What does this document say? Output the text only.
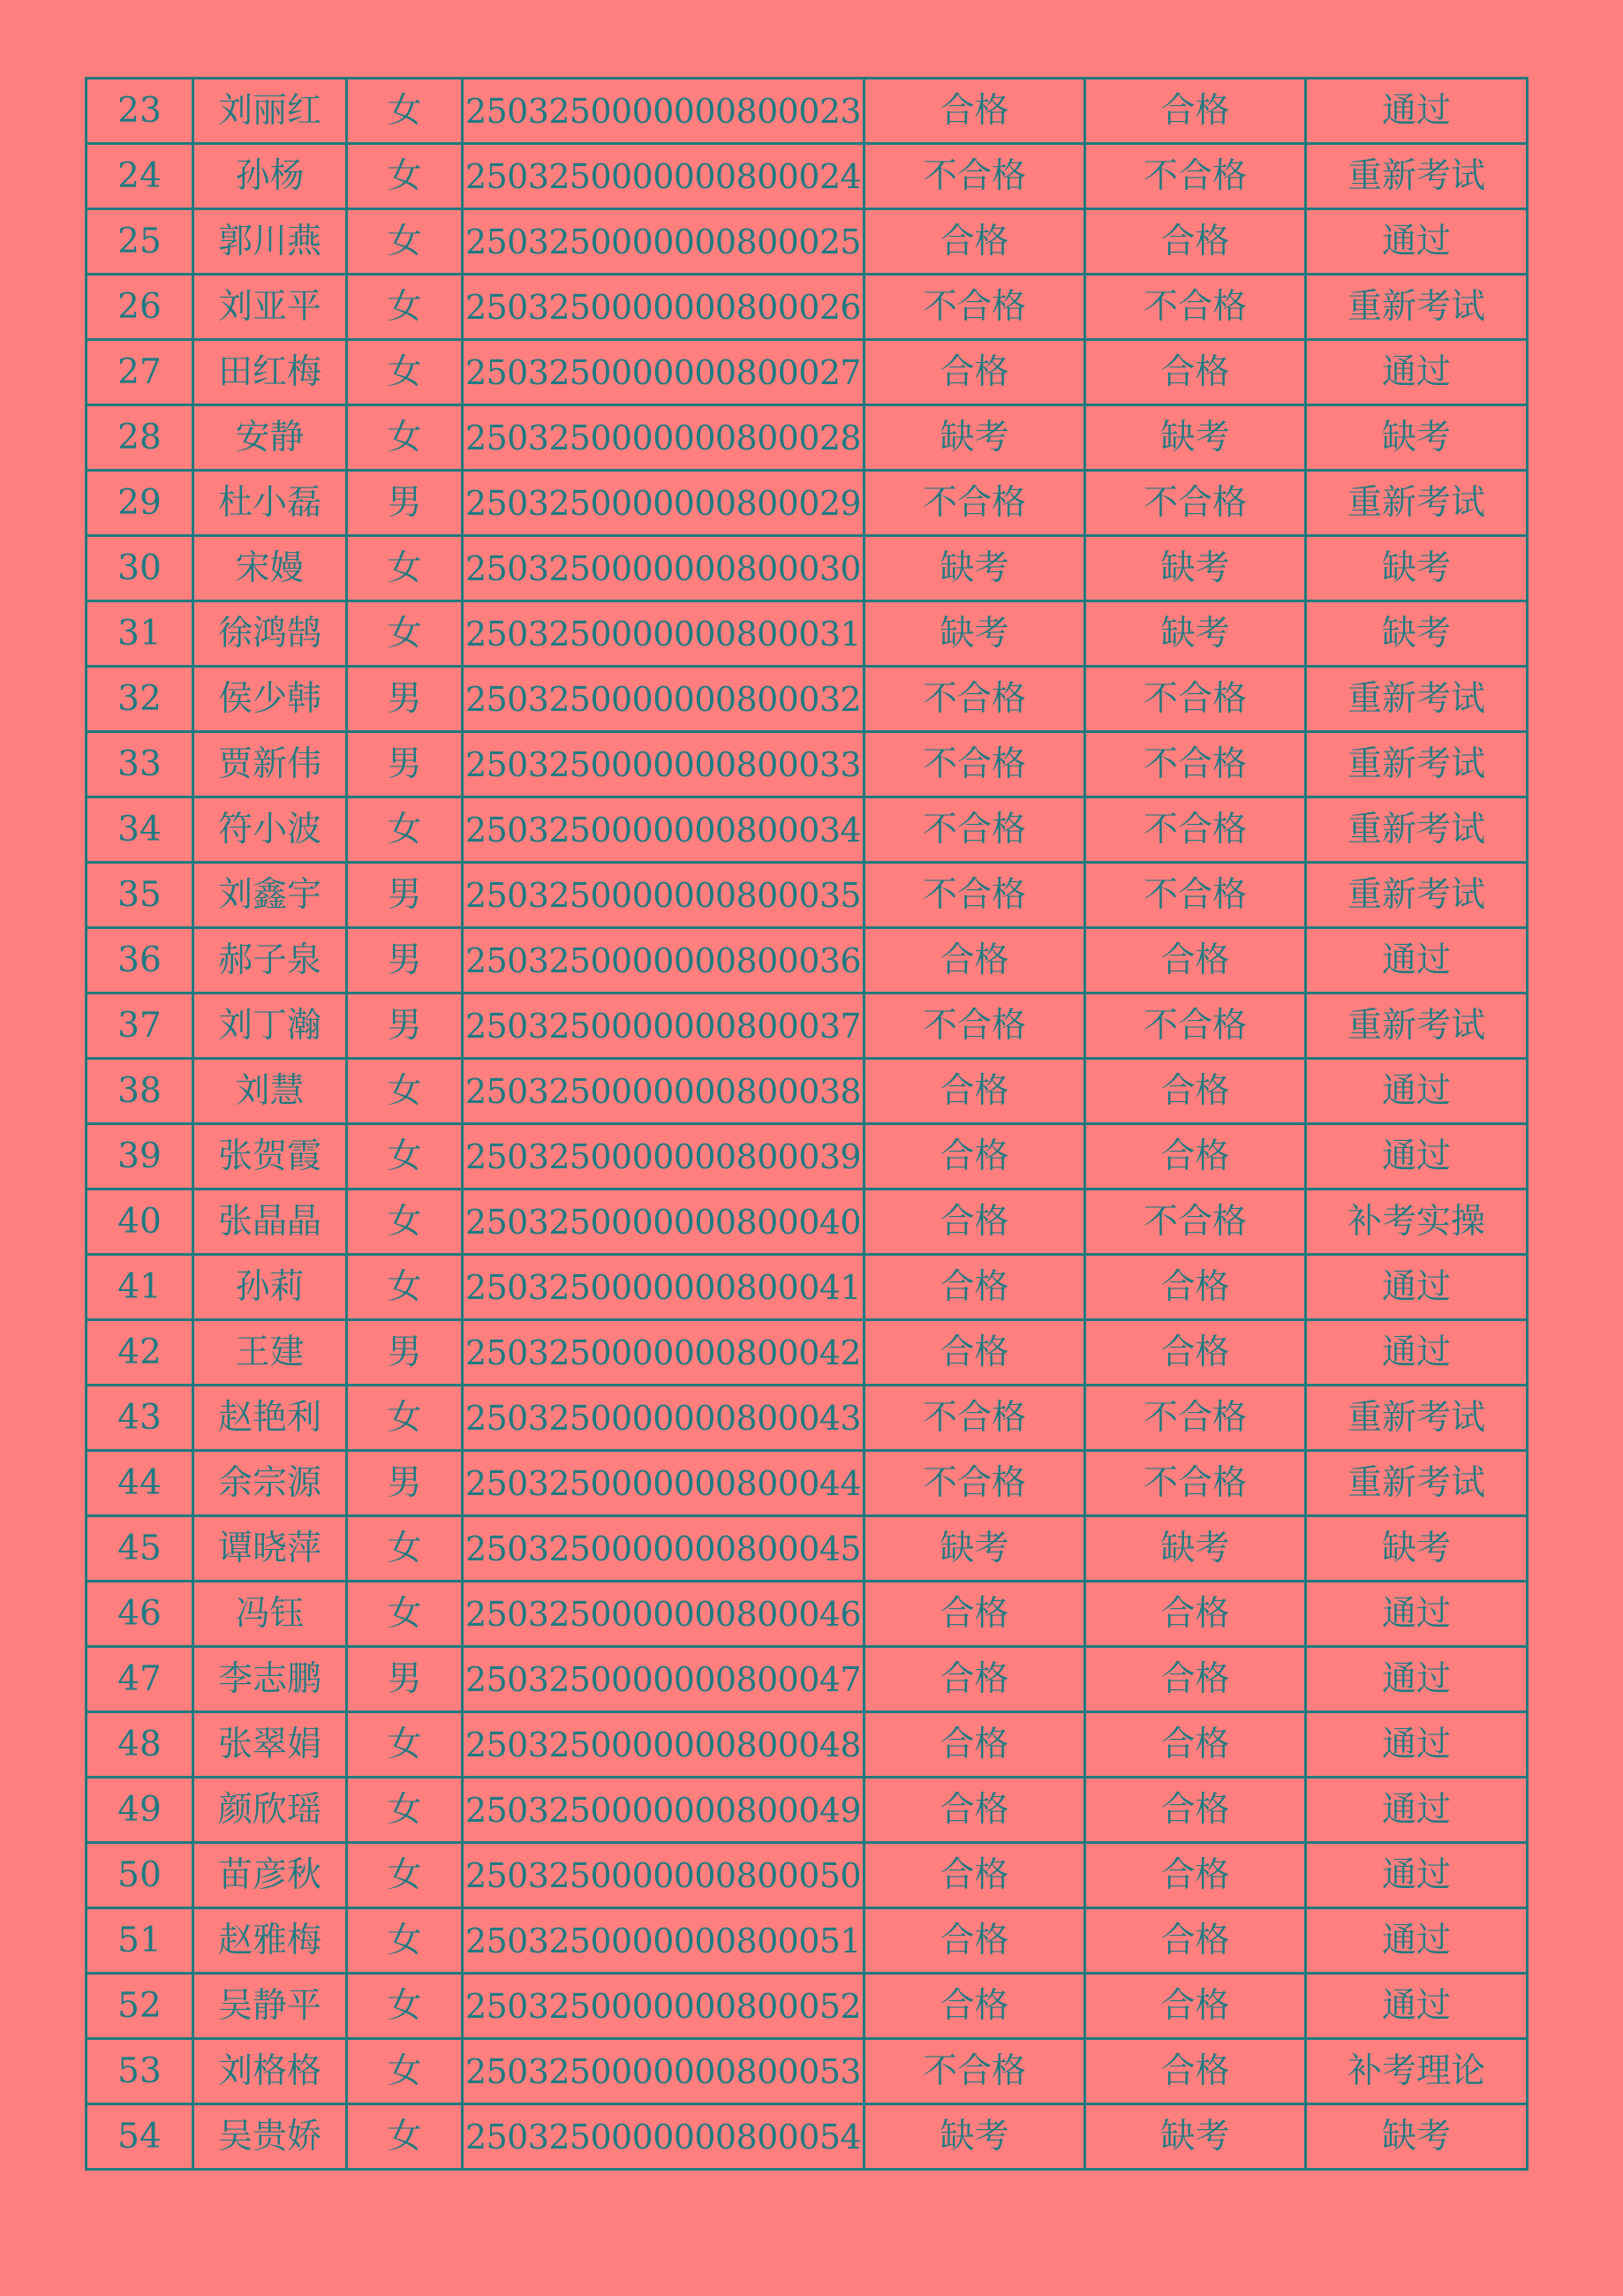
23	刘丽红	女	2503250000000800023	合格	合格	通过
24	孙杨	女	2503250000000800024	不合格	不合格	重新考试
25	郭川燕	女	2503250000000800025	合格	合格	通过
26	刘亚平	女	2503250000000800026	不合格	不合格	重新考试
27	田红梅	女	2503250000000800027	合格	合格	通过
28	安静	女	2503250000000800028	缺考	缺考	缺考
29	杜小磊	男	2503250000000800029	不合格	不合格	重新考试
30	宋嫚	女	2503250000000800030	缺考	缺考	缺考
31	徐鸿鹄	女	2503250000000800031	缺考	缺考	缺考
32	侯少韩	男	2503250000000800032	不合格	不合格	重新考试
33	贾新伟	男	2503250000000800033	不合格	不合格	重新考试
34	符小波	女	2503250000000800034	不合格	不合格	重新考试
35	刘鑫宇	男	2503250000000800035	不合格	不合格	重新考试
36	郝子泉	男	2503250000000800036	合格	合格	通过
37	刘丁瀚	男	2503250000000800037	不合格	不合格	重新考试
38	刘慧	女	2503250000000800038	合格	合格	通过
39	张贺霞	女	2503250000000800039	合格	合格	通过
40	张晶晶	女	2503250000000800040	合格	不合格	补考实操
41	孙莉	女	2503250000000800041	合格	合格	通过
42	王建	男	2503250000000800042	合格	合格	通过
43	赵艳利	女	2503250000000800043	不合格	不合格	重新考试
44	余宗源	男	2503250000000800044	不合格	不合格	重新考试
45	谭晓萍	女	2503250000000800045	缺考	缺考	缺考
46	冯钰	女	2503250000000800046	合格	合格	通过
47	李志鹏	男	2503250000000800047	合格	合格	通过
48	张翠娟	女	2503250000000800048	合格	合格	通过
49	颜欣瑶	女	2503250000000800049	合格	合格	通过
50	苗彦秋	女	2503250000000800050	合格	合格	通过
51	赵雅梅	女	2503250000000800051	合格	合格	通过
52	吴静平	女	2503250000000800052	合格	合格	通过
53	刘格格	女	2503250000000800053	不合格	合格	补考理论
54	吴贵娇	女	2503250000000800054	缺考	缺考	缺考
